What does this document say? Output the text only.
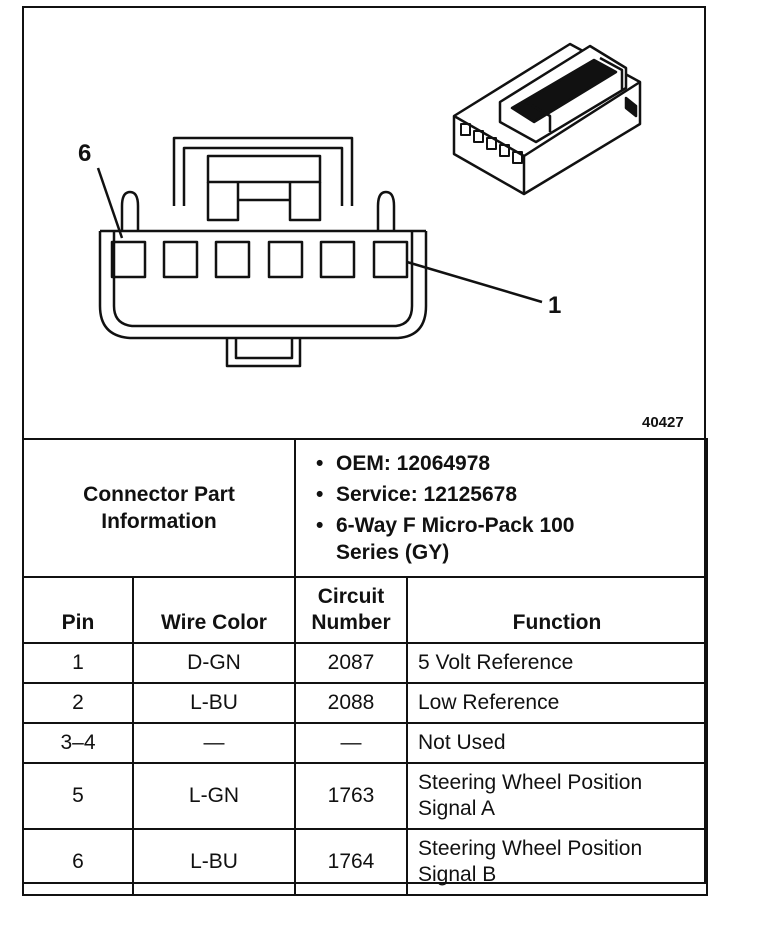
6
1
40427
Connector Part Information

• OEM: 12064978
• Service: 12125678
• 6-Way F Micro-Pack 100 Series (GY)
Pin	Wire Color	Circuit Number	Function
1	D-GN	2087	5 Volt Reference
2	L-BU	2088	Low Reference
3–4	—	—	Not Used
5	L-GN	1763	Steering Wheel Position Signal A
6	L-BU	1764	Steering Wheel Position Signal B
